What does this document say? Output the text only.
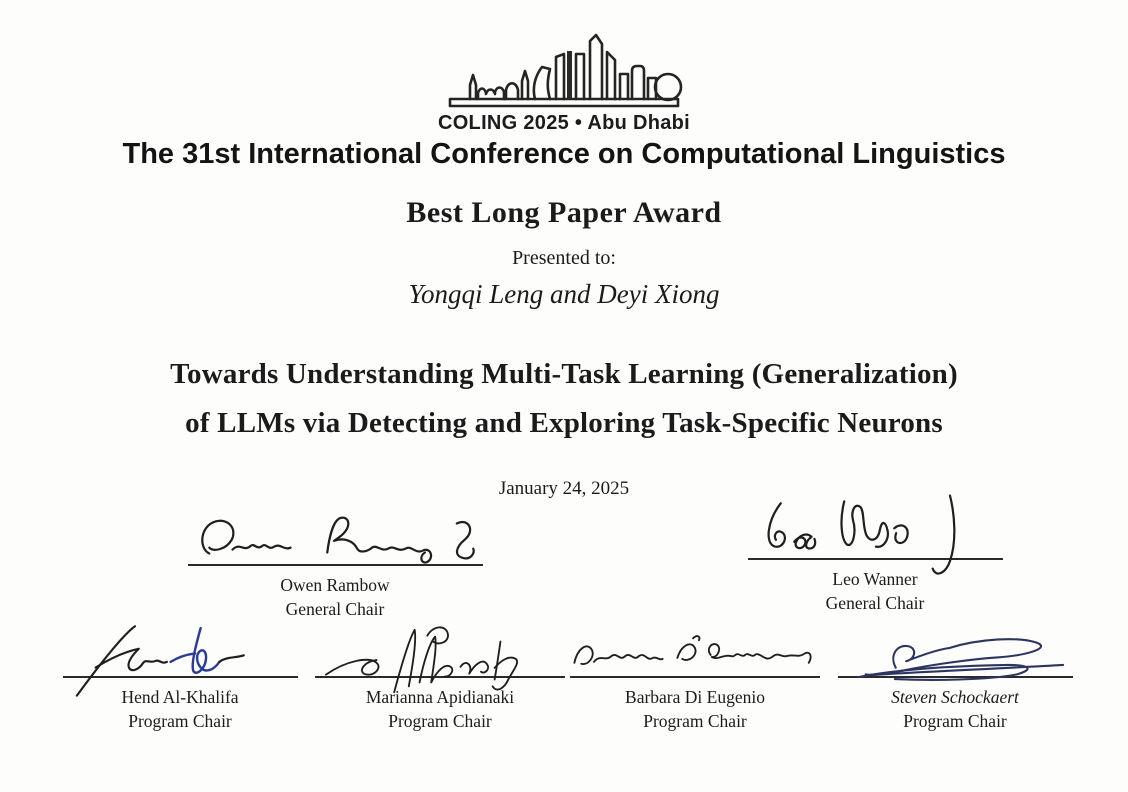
COLING 2025 • Abu Dhabi
The 31st International Conference on Computational Linguistics
Best Long Paper Award
Presented to:
Yongqi Leng and Deyi Xiong
Towards Understanding Multi-Task Learning (Generalization)
of LLMs via Detecting and Exploring Task-Specific Neurons
January 24, 2025
Owen Rambow
General Chair
Leo Wanner
General Chair
Hend Al-Khalifa
Program Chair
Marianna Apidianaki
Program Chair
Barbara Di Eugenio
Program Chair
Steven Schockaert
Program Chair
